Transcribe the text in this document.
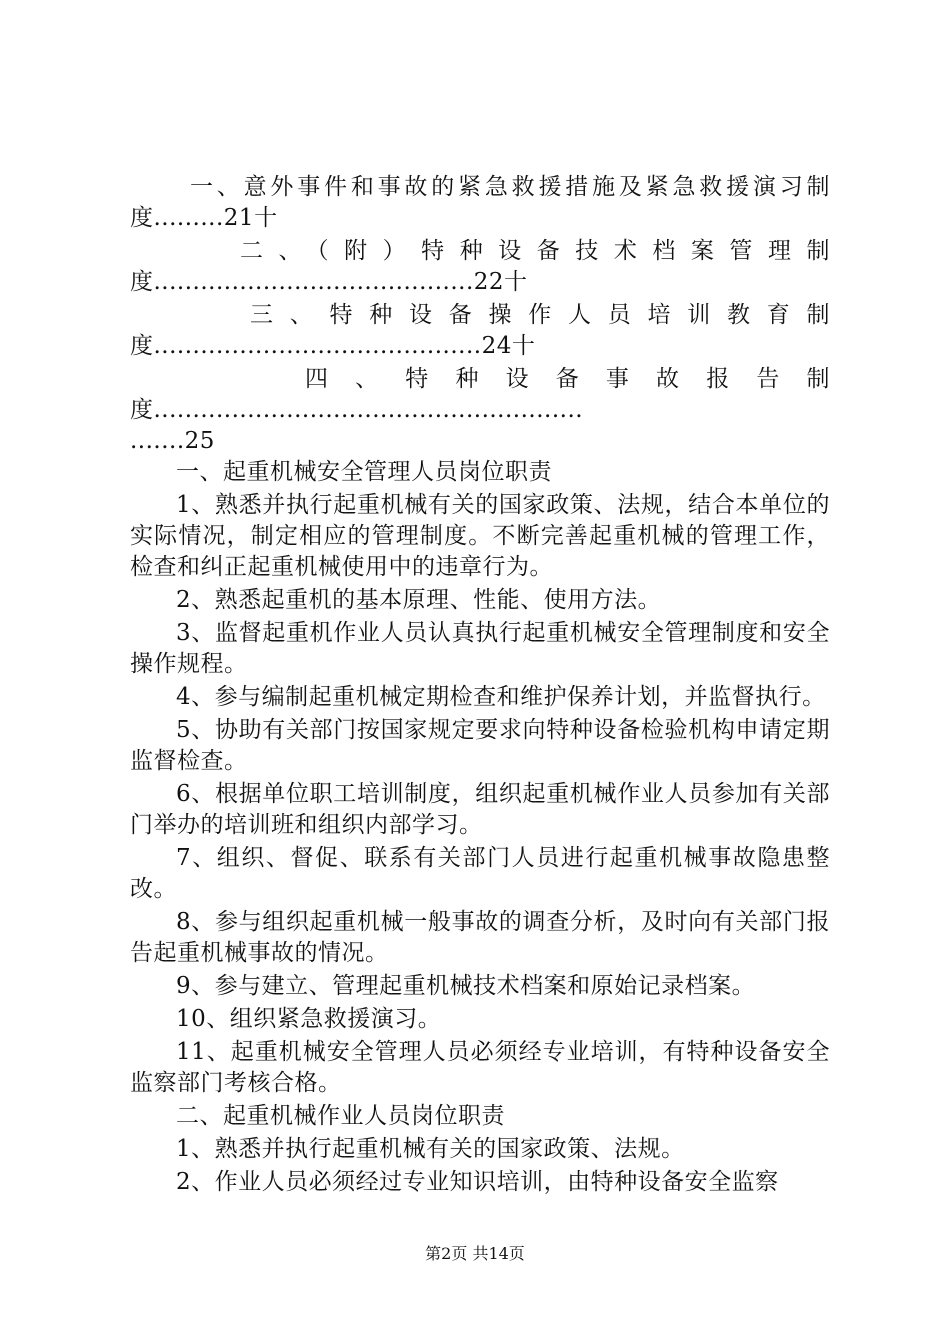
一、意外事件和事故的紧急救援措施及紧急救援演习制
度.........21十
二、（附）特种设备技术档案管理制
度.........................................22十
三、特种设备操作人员培训教育制
度..........................................24十
四、特种设备事故报告制
度.......................................................
.......25

一、起重机械安全管理人员岗位职责

1、熟悉并执行起重机械有关的国家政策、法规，结合本单位的实际情况，制定相应的管理制度。不断完善起重机械的管理工作，检查和纠正起重机械使用中的违章行为。

2、熟悉起重机的基本原理、性能、使用方法。

3、监督起重机作业人员认真执行起重机械安全管理制度和安全操作规程。

4、参与编制起重机械定期检查和维护保养计划，并监督执行。

5、协助有关部门按国家规定要求向特种设备检验机构申请定期监督检查。

6、根据单位职工培训制度，组织起重机械作业人员参加有关部门举办的培训班和组织内部学习。

7、组织、督促、联系有关部门人员进行起重机械事故隐患整改。

8、参与组织起重机械一般事故的调查分析，及时向有关部门报告起重机械事故的情况。

9、参与建立、管理起重机械技术档案和原始记录档案。

10、组织紧急救援演习。

11、起重机械安全管理人员必须经专业培训，有特种设备安全监察部门考核合格。

二、起重机械作业人员岗位职责

1、熟悉并执行起重机械有关的国家政策、法规。

2、作业人员必须经过专业知识培训，由特种设备安全监察

第2页 共14页
